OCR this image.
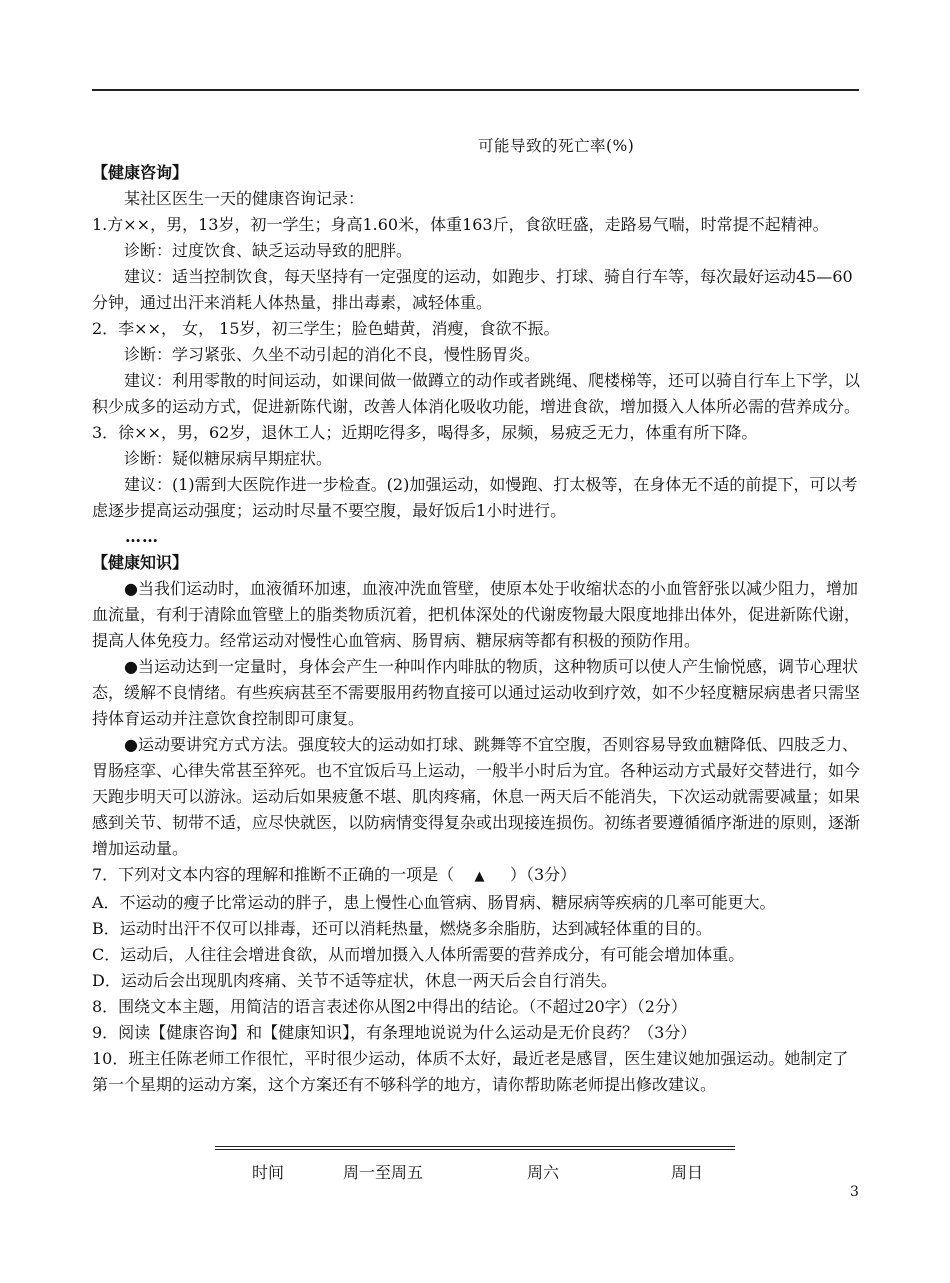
可能导致的死亡率(%)

【健康咨询】

某社区医生一天的健康咨询记录：

1.方××，男，13岁，初一学生；身高1.60米，体重163斤，食欲旺盛，走路易气喘，时常提不起精神。

诊断：过度饮食、缺乏运动导致的肥胖。

建议：适当控制饮食，每天坚持有一定强度的运动，如跑步、打球、骑自行车等，每次最好运动45—60分钟，通过出汗来消耗人体热量，排出毒素，减轻体重。

2．李××， 女， 15岁，初三学生；脸色蜡黄，消瘦，食欲不振。

诊断：学习紧张、久坐不动引起的消化不良，慢性肠胃炎。

建议：利用零散的时间运动，如课间做一做蹲立的动作或者跳绳、爬楼梯等，还可以骑自行车上下学，以积少成多的运动方式，促进新陈代谢，改善人体消化吸收功能，增进食欲，增加摄入人体所必需的营养成分。

3．徐××，男，62岁，退休工人；近期吃得多，喝得多，尿频，易疲乏无力，体重有所下降。

诊断：疑似糖尿病早期症状。

建议：(1)需到大医院作进一步检查。(2)加强运动，如慢跑、打太极等，在身体无不适的前提下，可以考虑逐步提高运动强度；运动时尽量不要空腹，最好饭后1小时进行。

……

【健康知识】

●当我们运动时，血液循环加速，血液冲洗血管壁，使原本处于收缩状态的小血管舒张以减少阻力，增加血流量，有利于清除血管壁上的脂类物质沉着，把机体深处的代谢废物最大限度地排出体外，促进新陈代谢，提高人体免疫力。经常运动对慢性心血管病、肠胃病、糖尿病等都有积极的预防作用。

●当运动达到一定量时，身体会产生一种叫作内啡肽的物质，这种物质可以使人产生愉悦感，调节心理状态，缓解不良情绪。有些疾病甚至不需要服用药物直接可以通过运动收到疗效，如不少轻度糖尿病患者只需坚持体育运动并注意饮食控制即可康复。

●运动要讲究方式方法。强度较大的运动如打球、跳舞等不宜空腹，否则容易导致血糖降低、四肢乏力、胃肠痉挛、心律失常甚至猝死。也不宜饭后马上运动，一般半小时后为宜。各种运动方式最好交替进行，如今天跑步明天可以游泳。运动后如果疲惫不堪、肌肉疼痛，休息一两天后不能消失，下次运动就需要减量；如果感到关节、韧带不适，应尽快就医，以防病情变得复杂或出现接连损伤。初练者要遵循循序渐进的原则，逐渐增加运动量。

7．下列对文本内容的理解和推断不正确的一项是（ ▲ ）（3分）

A．不运动的瘦子比常运动的胖子，患上慢性心血管病、肠胃病、糖尿病等疾病的几率可能更大。

B．运动时出汗不仅可以排毒，还可以消耗热量，燃烧多余脂肪，达到减轻体重的目的。

C．运动后，人往往会增进食欲，从而增加摄入人体所需要的营养成分，有可能会增加体重。

D．运动后会出现肌肉疼痛、关节不适等症状，休息一两天后会自行消失。

8．围绕文本主题，用简洁的语言表述你从图2中得出的结论。（不超过20字）（2分）

9．阅读【健康咨询】和【健康知识】，有条理地说说为什么运动是无价良药？（3分）

10．班主任陈老师工作很忙，平时很少运动，体质不太好，最近老是感冒，医生建议她加强运动。她制定了第一个星期的运动方案，这个方案还有不够科学的地方，请你帮助陈老师提出修改建议。

时间	周一至周五	周六	周日
3
